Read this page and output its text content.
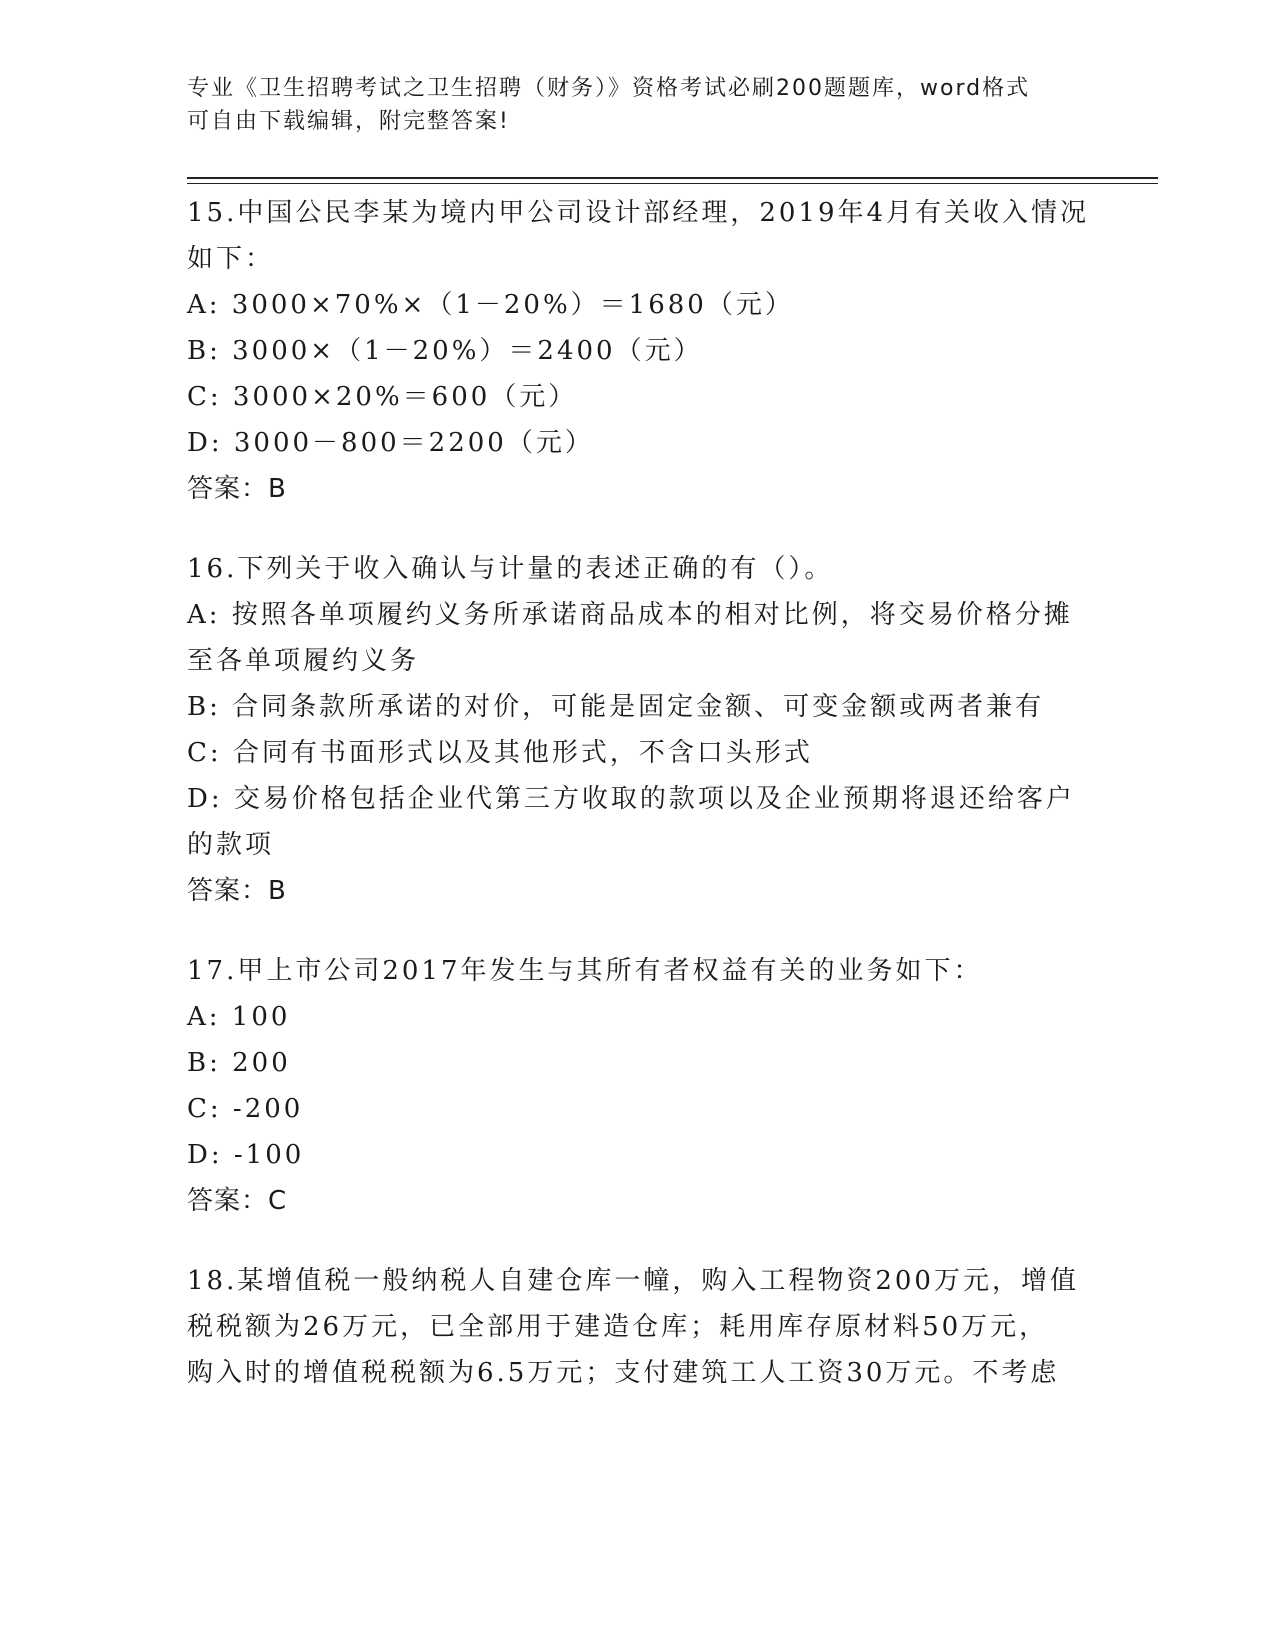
专业《卫生招聘考试之卫生招聘（财务）》资格考试必刷200题题库，word格式
可自由下载编辑，附完整答案!
15.中国公民李某为境内甲公司设计部经理，2019年4月有关收入情况
如下：
A: 3000×70%×（1－20%）＝1680（元）
B: 3000×（1－20%）＝2400（元）
C: 3000×20%＝600（元）
D: 3000－800＝2200（元）
答案：B
16.下列关于收入确认与计量的表述正确的有（）。
A: 按照各单项履约义务所承诺商品成本的相对比例，将交易价格分摊
至各单项履约义务
B: 合同条款所承诺的对价，可能是固定金额、可变金额或两者兼有
C: 合同有书面形式以及其他形式，不含口头形式
D: 交易价格包括企业代第三方收取的款项以及企业预期将退还给客户
的款项
答案：B
17.甲上市公司2017年发生与其所有者权益有关的业务如下：
A: 100
B: 200
C: -200
D: -100
答案：C
18.某增值税一般纳税人自建仓库一幢，购入工程物资200万元，增值
税税额为26万元，已全部用于建造仓库；耗用库存原材料50万元，
购入时的增值税税额为6.5万元；支付建筑工人工资30万元。不考虑
